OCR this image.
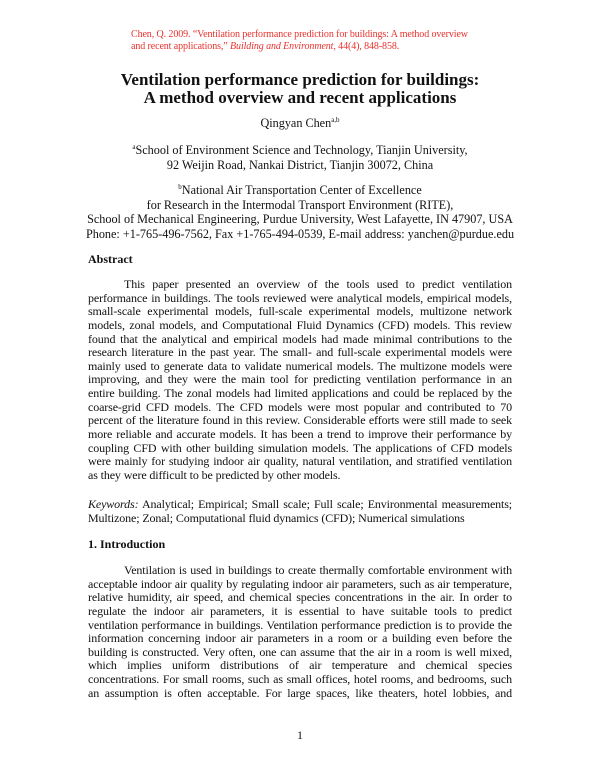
Chen, Q. 2009. “Ventilation performance prediction for buildings: A method overview
and recent applications,” Building and Environment, 44(4), 848-858.
Ventilation performance prediction for buildings:
A method overview and recent applications
Qingyan Chen$^{a,b}$
$^a$School of Environment Science and Technology, Tianjin University,
92 Weijin Road, Nankai District, Tianjin 30072, China
$^b$National Air Transportation Center of Excellence
for Research in the Intermodal Transport Environment (RITE),
School of Mechanical Engineering, Purdue University, West Lafayette, IN 47907, USA
Phone: +1-765-496-7562, Fax +1-765-494-0539, E-mail address: yanchen@purdue.edu
Abstract
This paper presented an overview of the tools used to predict ventilation
performance in buildings. The tools reviewed were analytical models, empirical models,
small-scale experimental models, full-scale experimental models, multizone network
models, zonal models, and Computational Fluid Dynamics (CFD) models. This review
found that the analytical and empirical models had made minimal contributions to the
research literature in the past year. The small- and full-scale experimental models were
mainly used to generate data to validate numerical models. The multizone models were
improving, and they were the main tool for predicting ventilation performance in an
entire building. The zonal models had limited applications and could be replaced by the
coarse-grid CFD models. The CFD models were most popular and contributed to 70
percent of the literature found in this review. Considerable efforts were still made to seek
more reliable and accurate models. It has been a trend to improve their performance by
coupling CFD with other building simulation models. The applications of CFD models
were mainly for studying indoor air quality, natural ventilation, and stratified ventilation
as they were difficult to be predicted by other models.
Keywords: Analytical; Empirical; Small scale; Full scale; Environmental measurements;
Multizone; Zonal; Computational fluid dynamics (CFD); Numerical simulations
1. Introduction
Ventilation is used in buildings to create thermally comfortable environment with
acceptable indoor air quality by regulating indoor air parameters, such as air temperature,
relative humidity, air speed, and chemical species concentrations in the air. In order to
regulate the indoor air parameters, it is essential to have suitable tools to predict
ventilation performance in buildings. Ventilation performance prediction is to provide the
information concerning indoor air parameters in a room or a building even before the
building is constructed. Very often, one can assume that the air in a room is well mixed,
which implies uniform distributions of air temperature and chemical species
concentrations. For small rooms, such as small offices, hotel rooms, and bedrooms, such
an assumption is often acceptable. For large spaces, like theaters, hotel lobbies, and
1
